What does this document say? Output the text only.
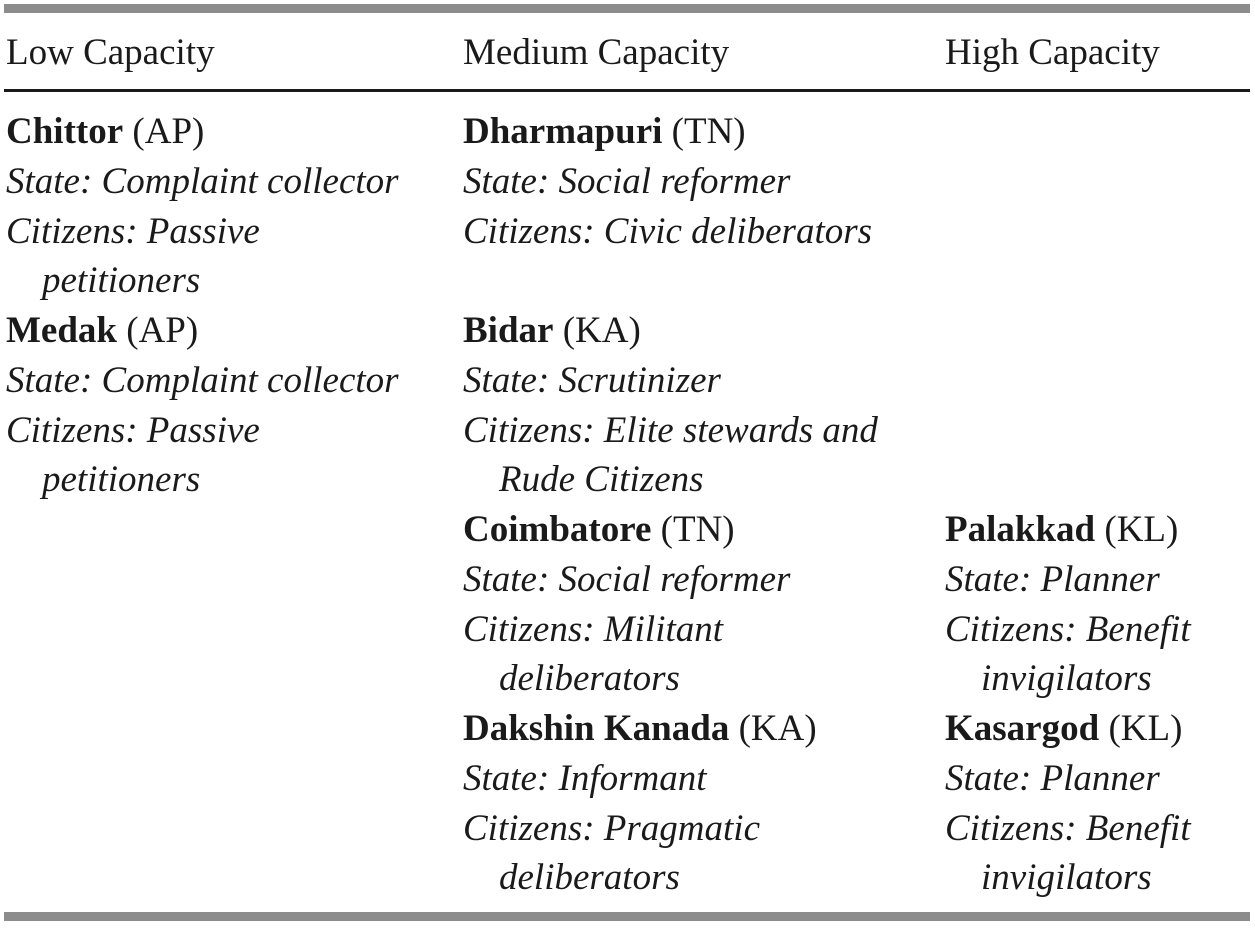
Low Capacity	Medium Capacity	High Capacity
Chittor (AP)
State: Complaint collector
Citizens: Passive
petitioners
Medak (AP)
State: Complaint collector
Citizens: Passive
petitioners
Dharmapuri (TN)
State: Social reformer
Citizens: Civic deliberators
Bidar (KA)
State: Scrutinizer
Citizens: Elite stewards and
Rude Citizens
Coimbatore (TN)
State: Social reformer
Citizens: Militant
deliberators
Dakshin Kanada (KA)
State: Informant
Citizens: Pragmatic
deliberators
Palakkad (KL)
State: Planner
Citizens: Benefit
invigilators
Kasargod (KL)
State: Planner
Citizens: Benefit
invigilators
